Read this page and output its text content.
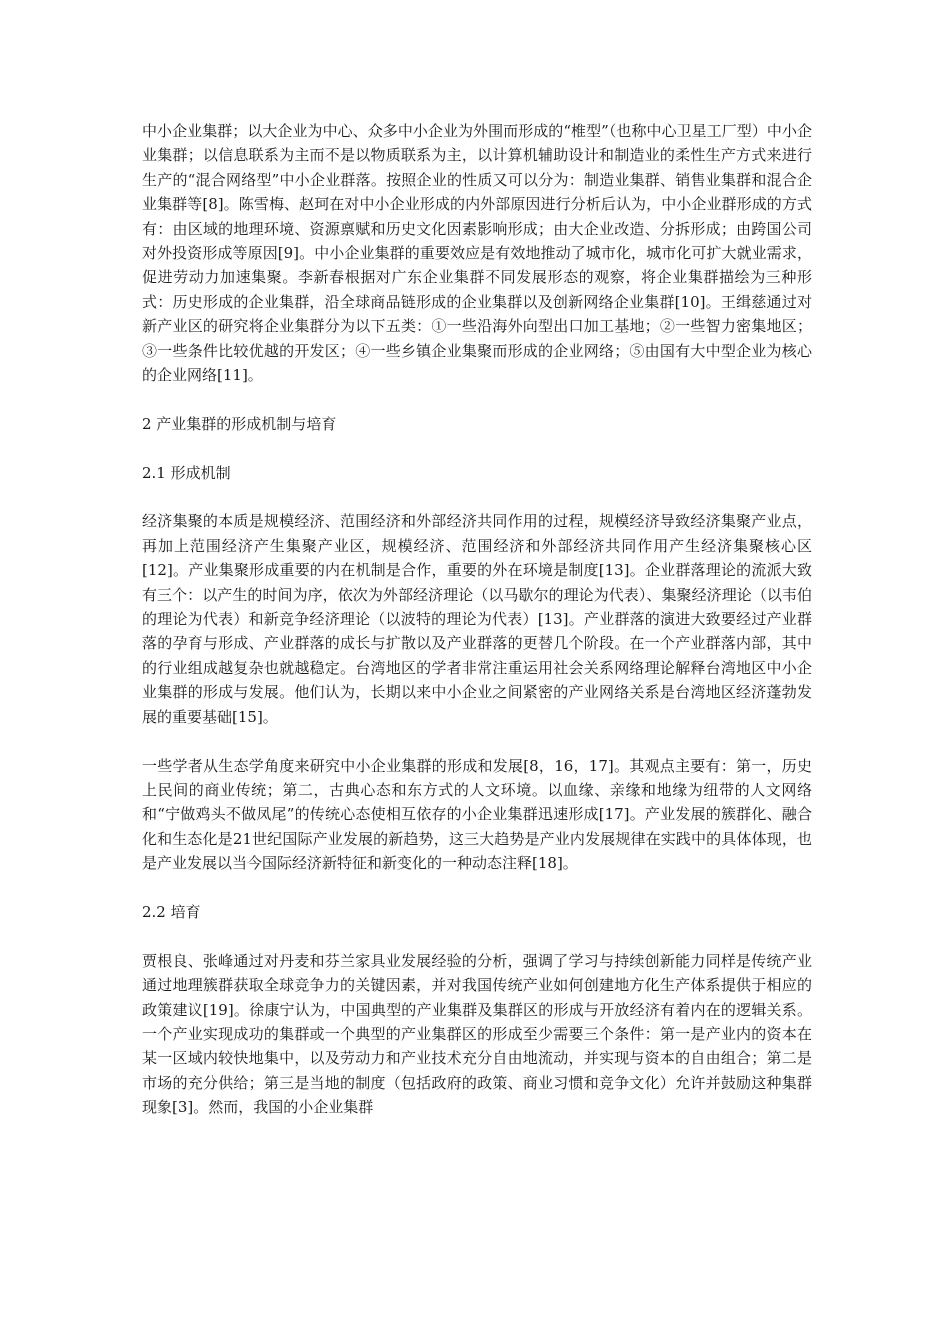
中小企业集群；以大企业为中心、众多中小企业为外围而形成的“椎型”（也称中心卫星工厂型）中小企业集群；以信息联系为主而不是以物质联系为主，以计算机辅助设计和制造业的柔性生产方式来进行生产的“混合网络型”中小企业群落。按照企业的性质又可以分为：制造业集群、销售业集群和混合企业集群等[8]。陈雪梅、赵珂在对中小企业形成的内外部原因进行分析后认为，中小企业群形成的方式有：由区域的地理环境、资源禀赋和历史文化因素影响形成；由大企业改造、分拆形成；由跨国公司对外投资形成等原因[9]。中小企业集群的重要效应是有效地推动了城市化，城市化可扩大就业需求，促进劳动力加速集聚。李新春根据对广东企业集群不同发展形态的观察，将企业集群描绘为三种形式：历史形成的企业集群，沿全球商品链形成的企业集群以及创新网络企业集群[10]。王缉慈通过对新产业区的研究将企业集群分为以下五类：①一些沿海外向型出口加工基地；②一些智力密集地区；③一些条件比较优越的开发区；④一些乡镇企业集聚而形成的企业网络；⑤由国有大中型企业为核心的企业网络[11]。

2 产业集群的形成机制与培育

2.1 形成机制

经济集聚的本质是规模经济、范围经济和外部经济共同作用的过程，规模经济导致经济集聚产业点，再加上范围经济产生集聚产业区，规模经济、范围经济和外部经济共同作用产生经济集聚核心区[12]。产业集聚形成重要的内在机制是合作，重要的外在环境是制度[13]。企业群落理论的流派大致有三个：以产生的时间为序，依次为外部经济理论（以马歇尔的理论为代表）、集聚经济理论（以韦伯的理论为代表）和新竞争经济理论（以波特的理论为代表）[13]。产业群落的演进大致要经过产业群落的孕育与形成、产业群落的成长与扩散以及产业群落的更替几个阶段。在一个产业群落内部，其中的行业组成越复杂也就越稳定。台湾地区的学者非常注重运用社会关系网络理论解释台湾地区中小企业集群的形成与发展。他们认为，长期以来中小企业之间紧密的产业网络关系是台湾地区经济蓬勃发展的重要基础[15]。

一些学者从生态学角度来研究中小企业集群的形成和发展[8，16，17]。其观点主要有：第一，历史上民间的商业传统；第二，古典心态和东方式的人文环境。以血缘、亲缘和地缘为纽带的人文网络和“宁做鸡头不做凤尾”的传统心态使相互依存的小企业集群迅速形成[17]。产业发展的簇群化、融合化和生态化是21世纪国际产业发展的新趋势，这三大趋势是产业内发展规律在实践中的具体体现，也是产业发展以当今国际经济新特征和新变化的一种动态注释[18]。

2.2 培育

贾根良、张峰通过对丹麦和芬兰家具业发展经验的分析，强调了学习与持续创新能力同样是传统产业通过地理簇群获取全球竞争力的关键因素，并对我国传统产业如何创建地方化生产体系提供于相应的政策建议[19]。徐康宁认为，中国典型的产业集群及集群区的形成与开放经济有着内在的逻辑关系。一个产业实现成功的集群或一个典型的产业集群区的形成至少需要三个条件：第一是产业内的资本在某一区域内较快地集中，以及劳动力和产业技术充分自由地流动，并实现与资本的自由组合；第二是市场的充分供给；第三是当地的制度（包括政府的政策、商业习惯和竞争文化）允许并鼓励这种集群现象[3]。然而，我国的小企业集群
